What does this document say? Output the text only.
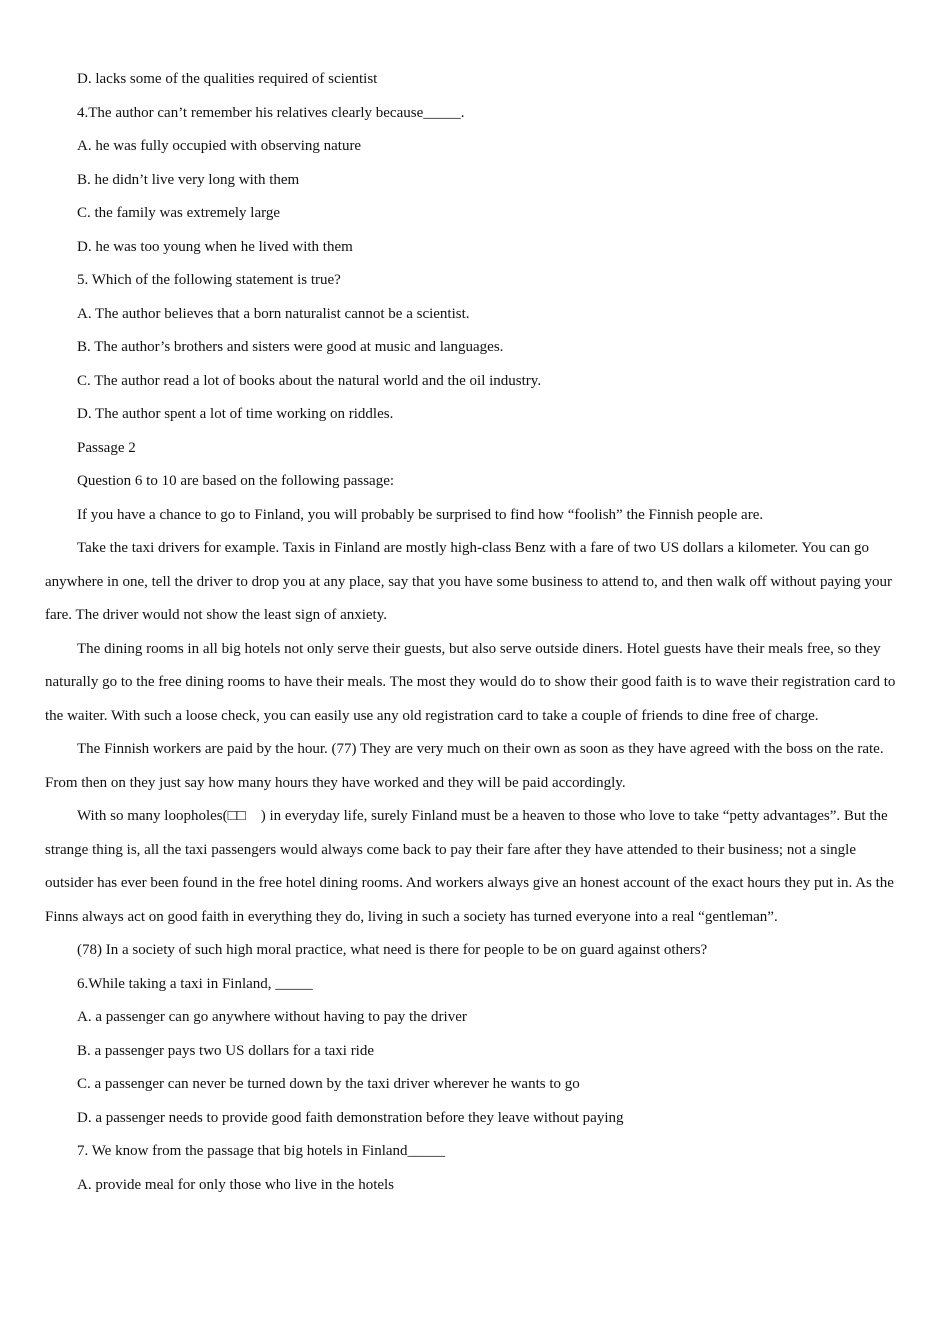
D. lacks some of the qualities required of scientist

4.The author can’t remember his relatives clearly because_____.

A. he was fully occupied with observing nature

B. he didn’t live very long with them

C. the family was extremely large

D. he was too young when he lived with them

5. Which of the following statement is true?

A. The author believes that a born naturalist cannot be a scientist.

B. The author’s brothers and sisters were good at music and languages.

C. The author read a lot of books about the natural world and the oil industry.

D. The author spent a lot of time working on riddles.

Passage 2

Question 6 to 10 are based on the following passage:

If you have a chance to go to Finland, you will probably be surprised to find how “foolish” the Finnish people are.

Take the taxi drivers for example. Taxis in Finland are mostly high-class Benz with a fare of two US dollars a kilometer. You can go anywhere in one, tell the driver to drop you at any place, say that you have some business to attend to, and then walk off without paying your fare. The driver would not show the least sign of anxiety.

The dining rooms in all big hotels not only serve their guests, but also serve outside diners. Hotel guests have their meals free, so they naturally go to the free dining rooms to have their meals. The most they would do to show their good faith is to wave their registration card to the waiter. With such a loose check, you can easily use any old registration card to take a couple of friends to dine free of charge.

The Finnish workers are paid by the hour. (77) They are very much on their own as soon as they have agreed with the boss on the rate. From then on they just say how many hours they have worked and they will be paid accordingly.

With so many loopholes(□□　) in everyday life, surely Finland must be a heaven to those who love to take “petty advantages”. But the strange thing is, all the taxi passengers would always come back to pay their fare after they have attended to their business; not a single outsider has ever been found in the free hotel dining rooms. And workers always give an honest account of the exact hours they put in. As the Finns always act on good faith in everything they do, living in such a society has turned everyone into a real “gentleman”.

(78) In a society of such high moral practice, what need is there for people to be on guard against others?

6.While taking a taxi in Finland, _____

A. a passenger can go anywhere without having to pay the driver

B. a passenger pays two US dollars for a taxi ride

C. a passenger can never be turned down by the taxi driver wherever he wants to go

D. a passenger needs to provide good faith demonstration before they leave without paying

7. We know from the passage that big hotels in Finland_____

A. provide meal for only those who live in the hotels
